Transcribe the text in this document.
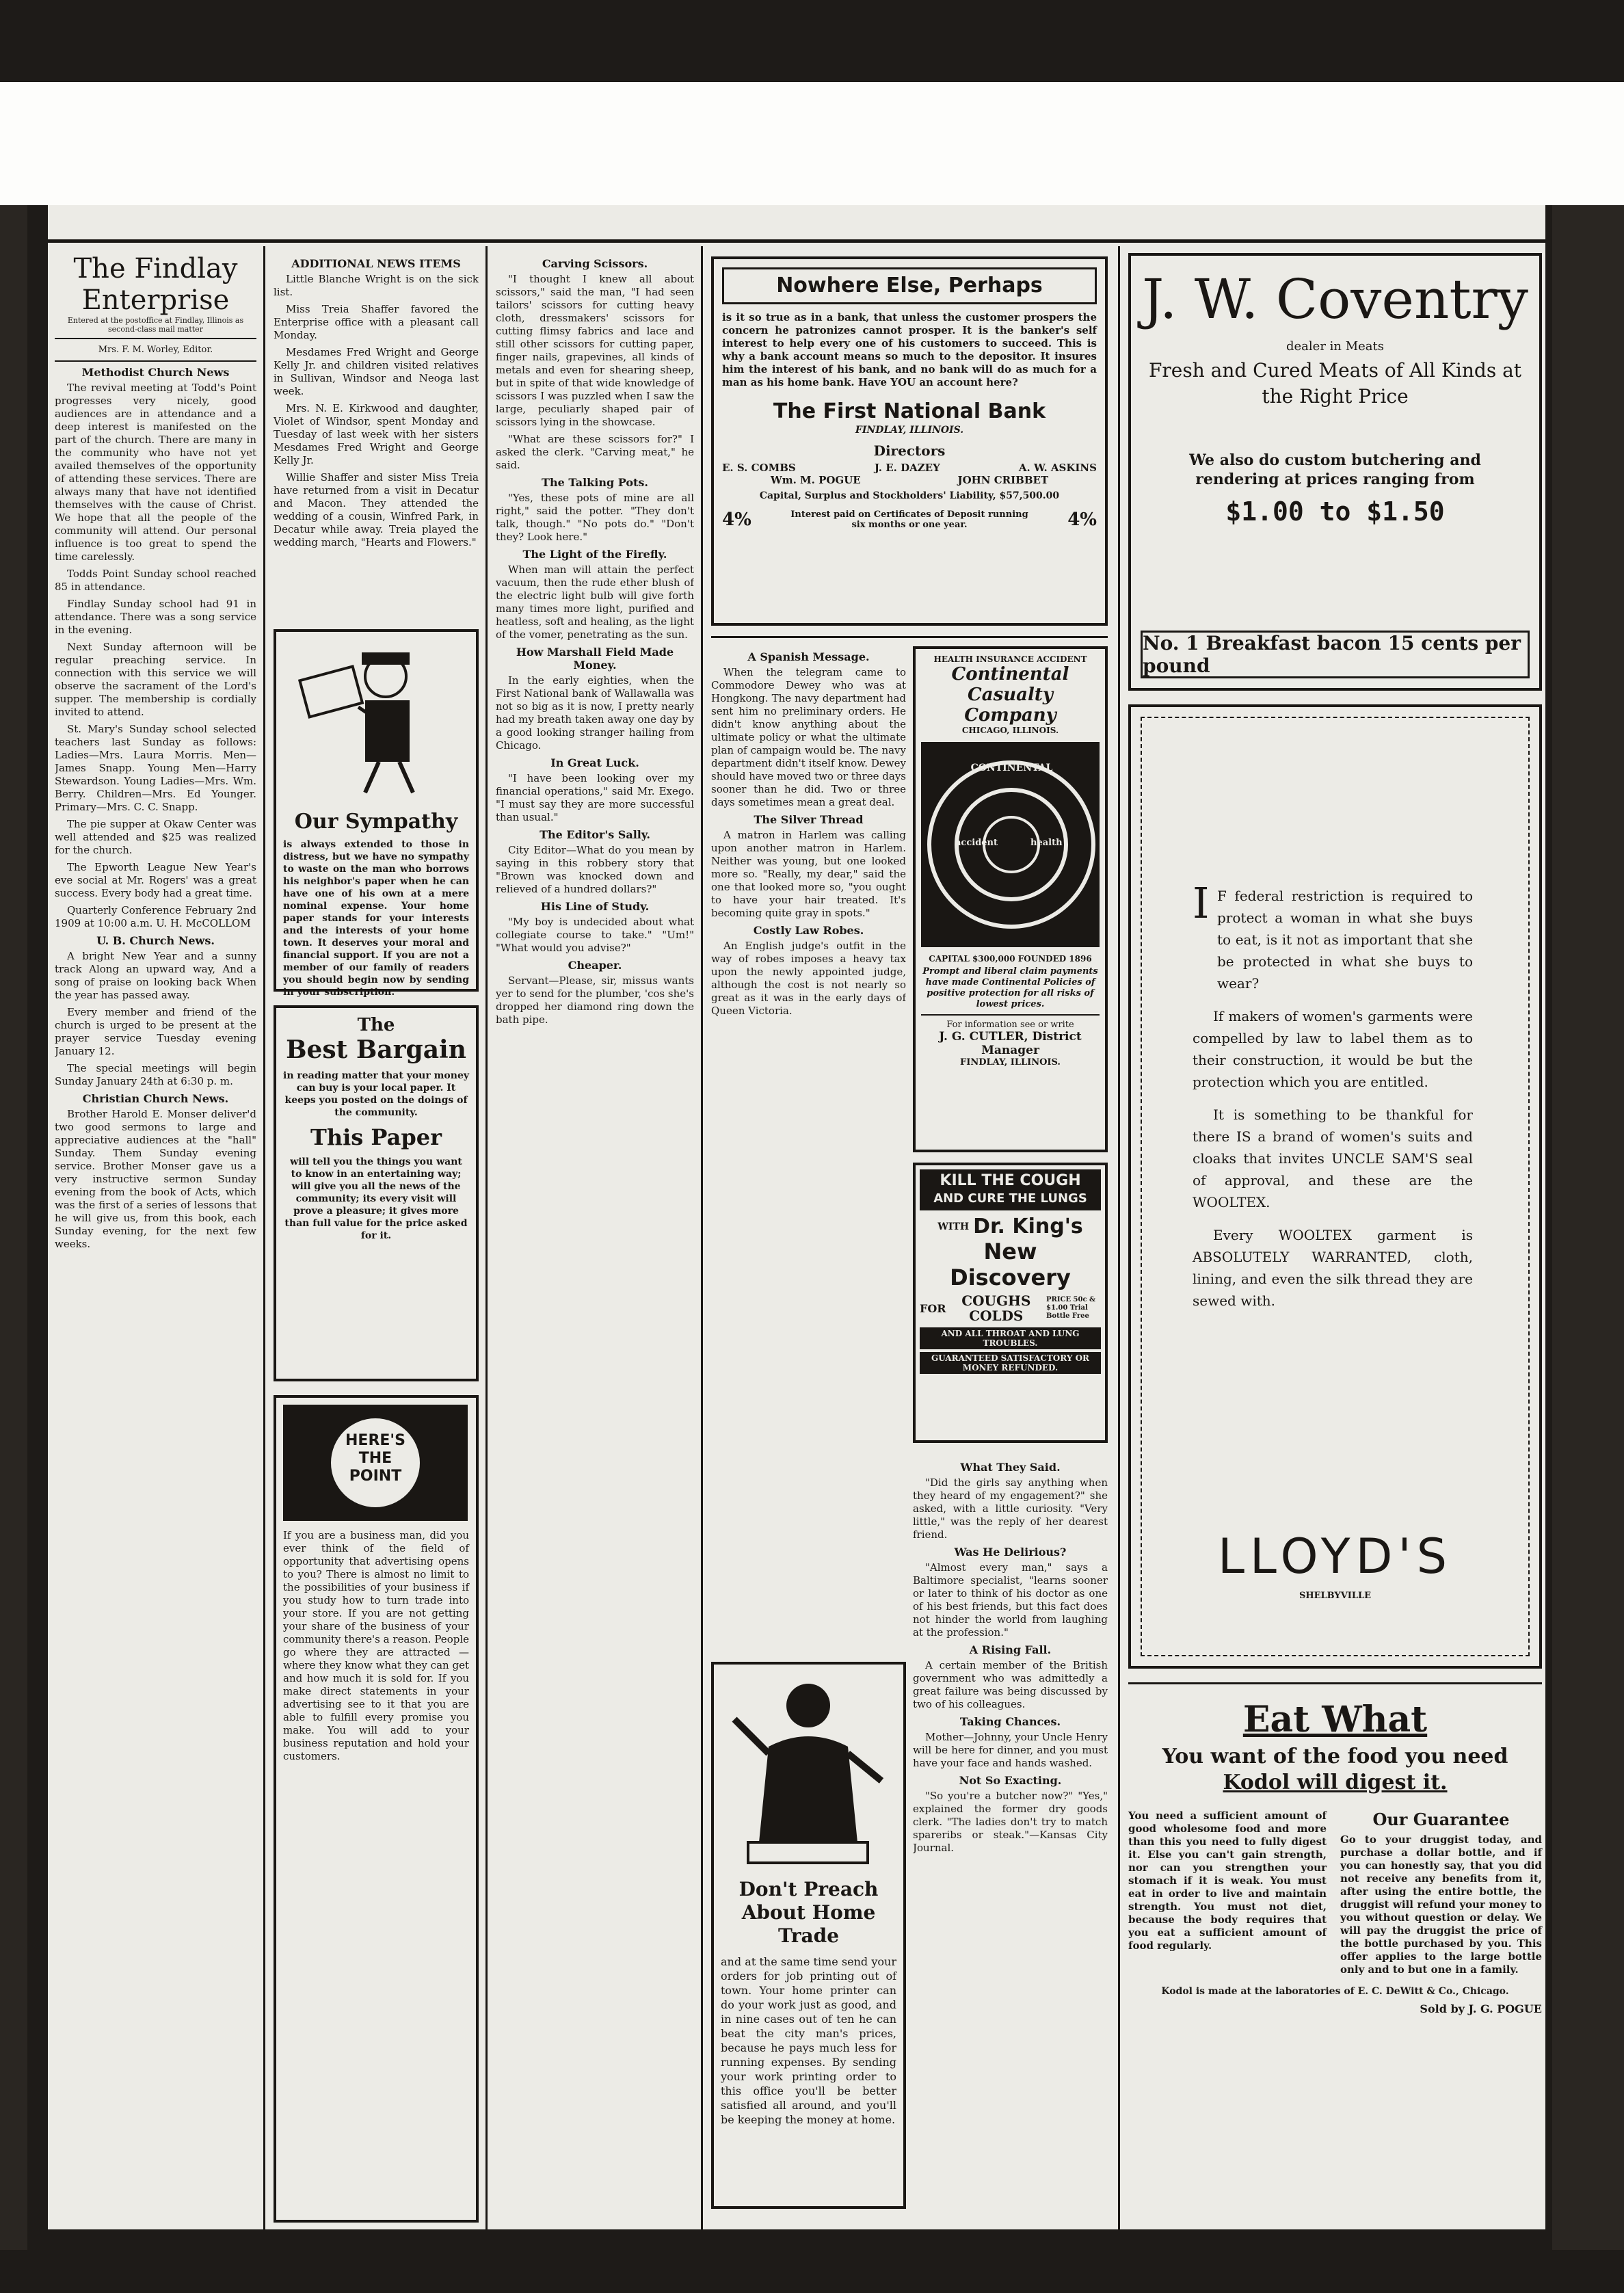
The Findlay Enterprise
Entered at the postoffice at Findlay, Illinois as second-class mail matter
Mrs. F. M. Worley, Editor.
Methodist Church News

The revival meeting at Todd's Point progresses very nicely, good audiences are in attendance and a deep interest is manifested on the part of the church. There are many in the community who have not yet availed themselves of the opportunity of attending these services. There are always many that have not identified themselves with the cause of Christ. We hope that all the people of the community will attend. Our personal influence is too great to spend the time carelessly.

Todds Point Sunday school reached 85 in attendance.

Findlay Sunday school had 91 in attendance. There was a song service in the evening.

Next Sunday afternoon will be regular preaching service. In connection with this service we will observe the sacrament of the Lord's supper. The membership is cordially invited to attend.

St. Mary's Sunday school selected teachers last Sunday as follows: Ladies—Mrs. Laura Morris. Men—James Snapp. Young Men—Harry Stewardson. Young Ladies—Mrs. Wm. Berry. Children—Mrs. Ed Younger. Primary—Mrs. C. C. Snapp.

The pie supper at Okaw Center was well attended and $25 was realized for the church.

The Epworth League New Year's eve social at Mr. Rogers' was a great success. Every body had a great time.

Quarterly Conference February 2nd 1909 at 10:00 a.m. U. H. McCOLLOM

U. B. Church News.

A bright New Year and a sunny track Along an upward way, And a song of praise on looking back When the year has passed away.

Every member and friend of the church is urged to be present at the prayer service Tuesday evening January 12.

The special meetings will begin Sunday January 24th at 6:30 p. m.

Christian Church News.

Brother Harold E. Monser deliver'd two good sermons to large and appreciative audiences at the "hall" Sunday. Them Sunday evening service. Brother Monser gave us a very instructive sermon Sunday evening from the book of Acts, which was the first of a series of lessons that he will give us, from this book, each Sunday evening, for the next few weeks.

ADDITIONAL NEWS ITEMS

Little Blanche Wright is on the sick list.

Miss Treia Shaffer favored the Enterprise office with a pleasant call Monday.

Mesdames Fred Wright and George Kelly Jr. and children visited relatives in Sullivan, Windsor and Neoga last week.

Mrs. N. E. Kirkwood and daughter, Violet of Windsor, spent Monday and Tuesday of last week with her sisters Mesdames Fred Wright and George Kelly Jr.

Willie Shaffer and sister Miss Treia have returned from a visit in Decatur and Macon. They attended the wedding of a cousin, Winfred Park, in Decatur while away. Treia played the wedding march, "Hearts and Flowers."

Our Sympathy
is always extended to those in distress, but we have no sympathy to waste on the man who borrows his neighbor's paper when he can have one of his own at a mere nominal expense. Your home paper stands for your interests and the interests of your home town. It deserves your moral and financial support. If you are not a member of our family of readers you should begin now by sending in your subscription.
The
Best Bargain
in reading matter that your money can buy is your local paper. It keeps you posted on the doings of the community.
This Paper
will tell you the things you want to know in an entertaining way; will give you all the news of the community; its every visit will prove a pleasure; it gives more than full value for the price asked for it.
HERE'S
THE
POINT
If you are a business man, did you ever think of the field of opportunity that advertising opens to you? There is almost no limit to the possibilities of your business if you study how to turn trade into your store. If you are not getting your share of the business of your community there's a reason. People go where they are attracted — where they know what they can get and how much it is sold for. If you make direct statements in your advertising see to it that you are able to fulfill every promise you make. You will add to your business reputation and hold your customers.
Carving Scissors.

"I thought I knew all about scissors," said the man, "I had seen tailors' scissors for cutting heavy cloth, dressmakers' scissors for cutting flimsy fabrics and lace and still other scissors for cutting paper, finger nails, grapevines, all kinds of metals and even for shearing sheep, but in spite of that wide knowledge of scissors I was puzzled when I saw the large, peculiarly shaped pair of scissors lying in the showcase.

"What are these scissors for?" I asked the clerk. "Carving meat," he said.

The Talking Pots.

"Yes, these pots of mine are all right," said the potter. "They don't talk, though." "No pots do." "Don't they? Look here."

The Light of the Firefly.

When man will attain the perfect vacuum, then the rude ether blush of the electric light bulb will give forth many times more light, purified and heatless, soft and healing, as the light of the vomer, penetrating as the sun.

How Marshall Field Made Money.

In the early eighties, when the First National bank of Wallawalla was not so big as it is now, I pretty nearly had my breath taken away one day by a good looking stranger hailing from Chicago.

In Great Luck.

"I have been looking over my financial operations," said Mr. Exego. "I must say they are more successful than usual."

The Editor's Sally.

City Editor—What do you mean by saying in this robbery story that "Brown was knocked down and relieved of a hundred dollars?"

His Line of Study.

"My boy is undecided about what collegiate course to take." "Um!" "What would you advise?"

Cheaper.

Servant—Please, sir, missus wants yer to send for the plumber, 'cos she's dropped her diamond ring down the bath pipe.

Nowhere Else, Perhaps
is it so true as in a bank, that unless the customer prospers the concern he patronizes cannot prosper. It is the banker's self interest to help every one of his customers to succeed. This is why a bank account means so much to the depositor. It insures him the interest of his bank, and no bank will do as much for a man as his home bank. Have YOU an account here?
The First National Bank
FINDLAY, ILLINOIS.
Directors
E. S. COMBS	J. E. DAZEY	A. W. ASKINS
Wm. M. POGUE	JOHN CRIBBET
Capital, Surplus and Stockholders' Liability, $57,500.00
4%	Interest paid on Certificates of Deposit running six months or one year.	4%
A Spanish Message.

When the telegram came to Commodore Dewey who was at Hongkong. The navy department had sent him no preliminary orders. He didn't know anything about the ultimate policy or what the ultimate plan of campaign would be. The navy department didn't itself know. Dewey should have moved two or three days sooner than he did. Two or three days sometimes mean a great deal.

The Silver Thread

A matron in Harlem was calling upon another matron in Harlem. Neither was young, but one looked more so. "Really, my dear," said the one that looked more so, "you ought to have your hair treated. It's becoming quite gray in spots."

Costly Law Robes.

An English judge's outfit in the way of robes imposes a heavy tax upon the newly appointed judge, although the cost is not nearly so great as it was in the early days of Queen Victoria.

Don't Preach About Home Trade
and at the same time send your orders for job printing out of town. Your home printer can do your work just as good, and in nine cases out of ten he can beat the city man's prices, because he pays much less for running expenses. By sending your work printing order to this office you'll be better satisfied all around, and you'll be keeping the money at home.
HEALTH INSURANCE ACCIDENT
Continental Casualty Company
CHICAGO, ILLINOIS.
CONTINENTAL
accident	health
CAPITAL $300,000 FOUNDED 1896
Prompt and liberal claim payments have made Continental Policies of positive protection for all risks of lowest prices.
For information see or write
J. G. CUTLER, District Manager
FINDLAY, ILLINOIS.
KILL THE COUGH
AND CURE THE LUNGS
WITH Dr. King's
New Discovery
FOR COUGHS
COLDS
PRICE 50c & $1.00 Trial Bottle Free
AND ALL THROAT AND LUNG TROUBLES.
GUARANTEED SATISFACTORY OR MONEY REFUNDED.
What They Said.

"Did the girls say anything when they heard of my engagement?" she asked, with a little curiosity. "Very little," was the reply of her dearest friend.

Was He Delirious?

"Almost every man," says a Baltimore specialist, "learns sooner or later to think of his doctor as one of his best friends, but this fact does not hinder the world from laughing at the profession."

A Rising Fall.

A certain member of the British government who was admittedly a great failure was being discussed by two of his colleagues.

Taking Chances.

Mother—Johnny, your Uncle Henry will be here for dinner, and you must have your face and hands washed.

Not So Exacting.

"So you're a butcher now?" "Yes," explained the former dry goods clerk. "The ladies don't try to match spareribs or steak."—Kansas City Journal.

J. W. Coventry
dealer in Meats
Fresh and Cured Meats of All Kinds at the Right Price
We also do custom butchering and rendering at prices ranging from
$1.00 to $1.50
No. 1 Breakfast bacon 15 cents per pound
I F federal restriction is required to protect a woman in what she buys to eat, is it not as important that she be protected in what she buys to wear?

If makers of women's garments were compelled by law to label them as to their construction, it would be but the protection which you are entitled.

It is something to be thankful for there IS a brand of women's suits and cloaks that invites UNCLE SAM'S seal of approval, and these are the WOOLTEX.

Every WOOLTEX garment is ABSOLUTELY WARRANTED, cloth, lining, and even the silk thread they are sewed with.

LLOYD'S
SHELBYVILLE
Eat What
You want of the food you need
Kodol will digest it.
You need a sufficient amount of good wholesome food and more than this you need to fully digest it. Else you can't gain strength, nor can you strengthen your stomach if it is weak. You must eat in order to live and maintain strength. You must not diet, because the body requires that you eat a sufficient amount of food regularly.
Our Guarantee
Go to your druggist today, and purchase a dollar bottle, and if you can honestly say, that you did not receive any benefits from it, after using the entire bottle, the druggist will refund your money to you without question or delay. We will pay the druggist the price of the bottle purchased by you. This offer applies to the large bottle only and to but one in a family.
Kodol is made at the laboratories of E. C. DeWitt & Co., Chicago.
Sold by J. G. POGUE
